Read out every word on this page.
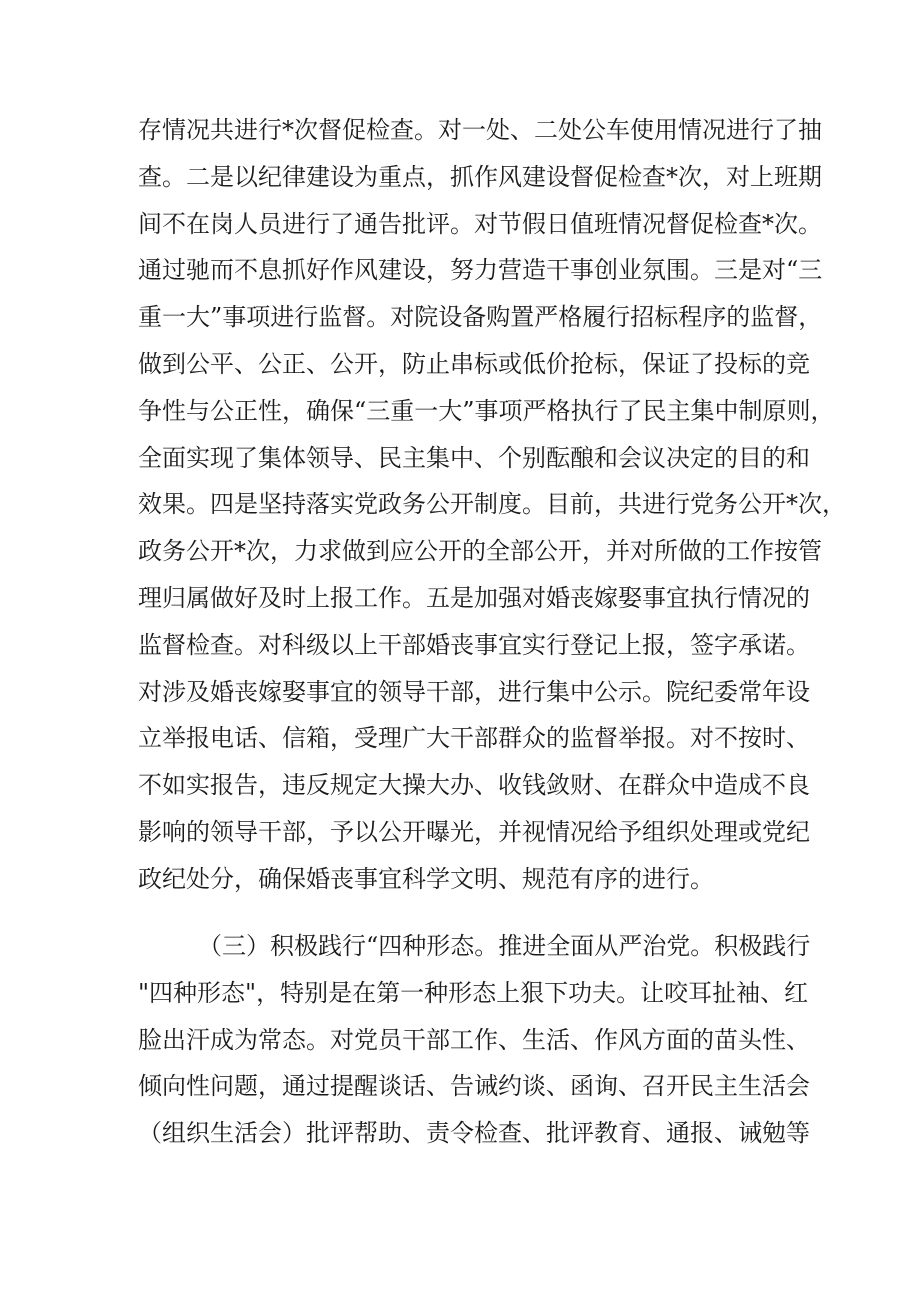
存情况共进行*次督促检查。对一处、二处公车使用情况进行了抽
查。二是以纪律建设为重点，抓作风建设督促检查*次，对上班期
间不在岗人员进行了通告批评。对节假日值班情况督促检查*次。
通过驰而不息抓好作风建设，努力营造干事创业氛围。三是对“三
重一大”事项进行监督。对院设备购置严格履行招标程序的监督，
做到公平、公正、公开，防止串标或低价抢标，保证了投标的竞
争性与公正性，确保“三重一大”事项严格执行了民主集中制原则，
全面实现了集体领导、民主集中、个别酝酿和会议决定的目的和
效果。四是坚持落实党政务公开制度。目前，共进行党务公开*次，
政务公开*次，力求做到应公开的全部公开，并对所做的工作按管
理归属做好及时上报工作。五是加强对婚丧嫁娶事宜执行情况的
监督检查。对科级以上干部婚丧事宜实行登记上报，签字承诺。
对涉及婚丧嫁娶事宜的领导干部，进行集中公示。院纪委常年设
立举报电话、信箱，受理广大干部群众的监督举报。对不按时、
不如实报告，违反规定大操大办、收钱敛财、在群众中造成不良
影响的领导干部，予以公开曝光，并视情况给予组织处理或党纪
政纪处分，确保婚丧事宜科学文明、规范有序的进行。
（三）积极践行“四种形态。推进全面从严治党。积极践行
"四种形态"，特别是在第一种形态上狠下功夫。让咬耳扯袖、红
脸出汗成为常态。对党员干部工作、生活、作风方面的苗头性、
倾向性问题，通过提醒谈话、告诫约谈、函询、召开民主生活会
（组织生活会）批评帮助、责令检查、批评教育、通报、诫勉等
